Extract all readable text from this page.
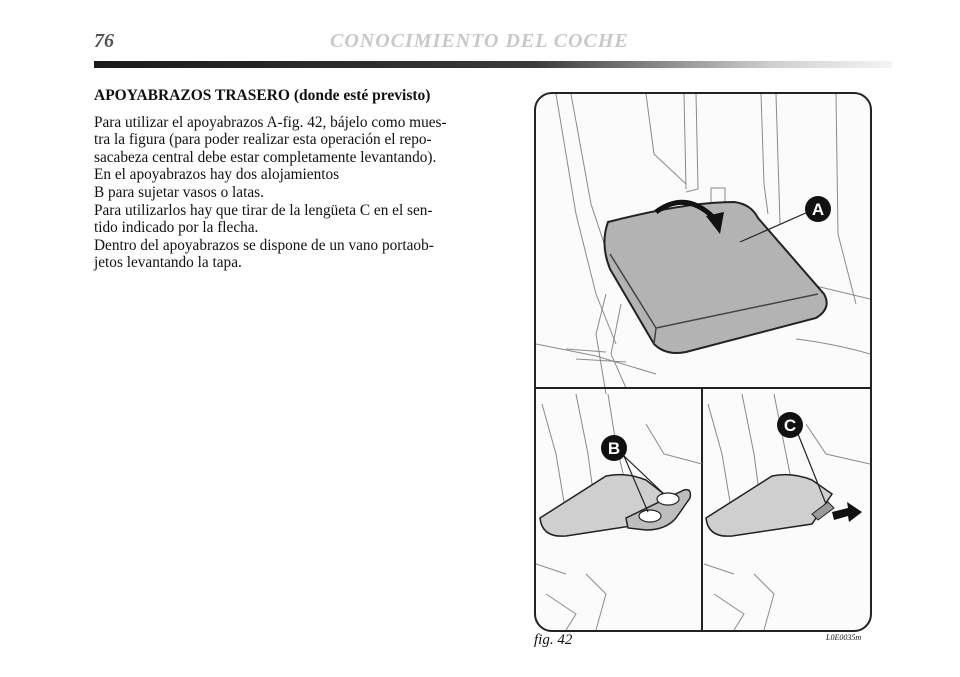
76	CONOCIMIENTO DEL COCHE

APOYABRAZOS TRASERO (donde esté previsto)

Para utilizar el apoyabrazos A-fig. 42, bájelo como mues-
tra la figura (para poder realizar esta operación el repo-
sacabeza central debe estar completamente levantando).
En el apoyabrazos hay dos alojamientos
B para sujetar vasos o latas.
Para utilizarlos hay que tirar de la lengüeta C en el sen-
tido indicado por la flecha.
Dentro del apoyabrazos se dispone de un vano portaob-
jetos levantando la tapa.

A
B
C
fig. 42	L0E0035m
